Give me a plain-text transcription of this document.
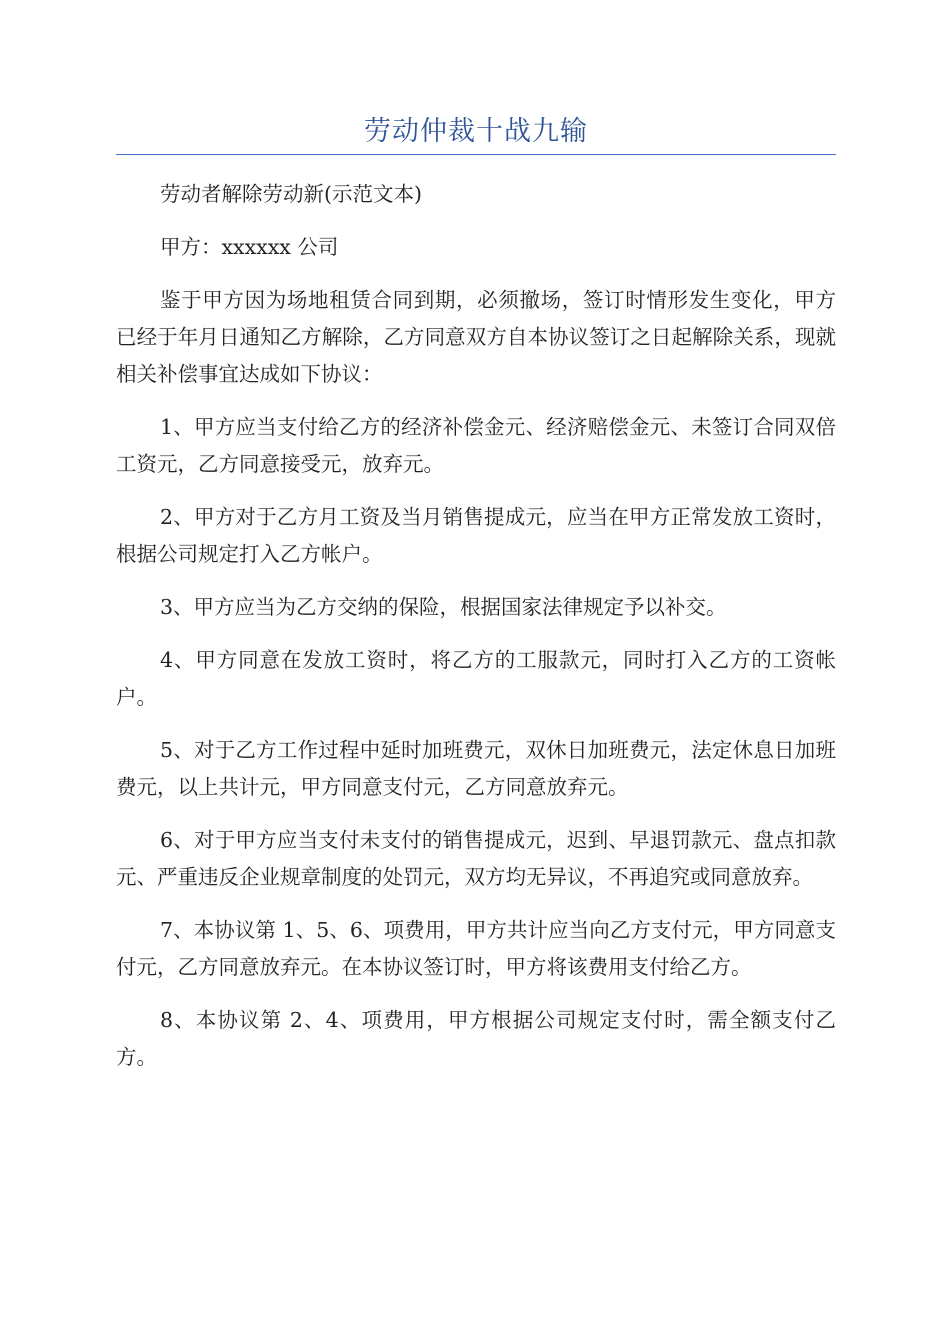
劳动仲裁十战九输

劳动者解除劳动新(示范文本)

甲方：xxxxxx 公司

鉴于甲方因为场地租赁合同到期，必须撤场，签订时情形发生变化，甲方已经于年月日通知乙方解除，乙方同意双方自本协议签订之日起解除关系，现就相关补偿事宜达成如下协议：

1、甲方应当支付给乙方的经济补偿金元、经济赔偿金元、未签订合同双倍工资元，乙方同意接受元，放弃元。

2、甲方对于乙方月工资及当月销售提成元，应当在甲方正常发放工资时，根据公司规定打入乙方帐户。

3、甲方应当为乙方交纳的保险，根据国家法律规定予以补交。

4、甲方同意在发放工资时，将乙方的工服款元，同时打入乙方的工资帐户。

5、对于乙方工作过程中延时加班费元，双休日加班费元，法定休息日加班费元，以上共计元，甲方同意支付元，乙方同意放弃元。

6、对于甲方应当支付未支付的销售提成元，迟到、早退罚款元、盘点扣款元、严重违反企业规章制度的处罚元，双方均无异议，不再追究或同意放弃。

7、本协议第 1、5、6、项费用，甲方共计应当向乙方支付元，甲方同意支付元，乙方同意放弃元。在本协议签订时，甲方将该费用支付给乙方。

8、本协议第 2、4、项费用，甲方根据公司规定支付时，需全额支付乙方。
